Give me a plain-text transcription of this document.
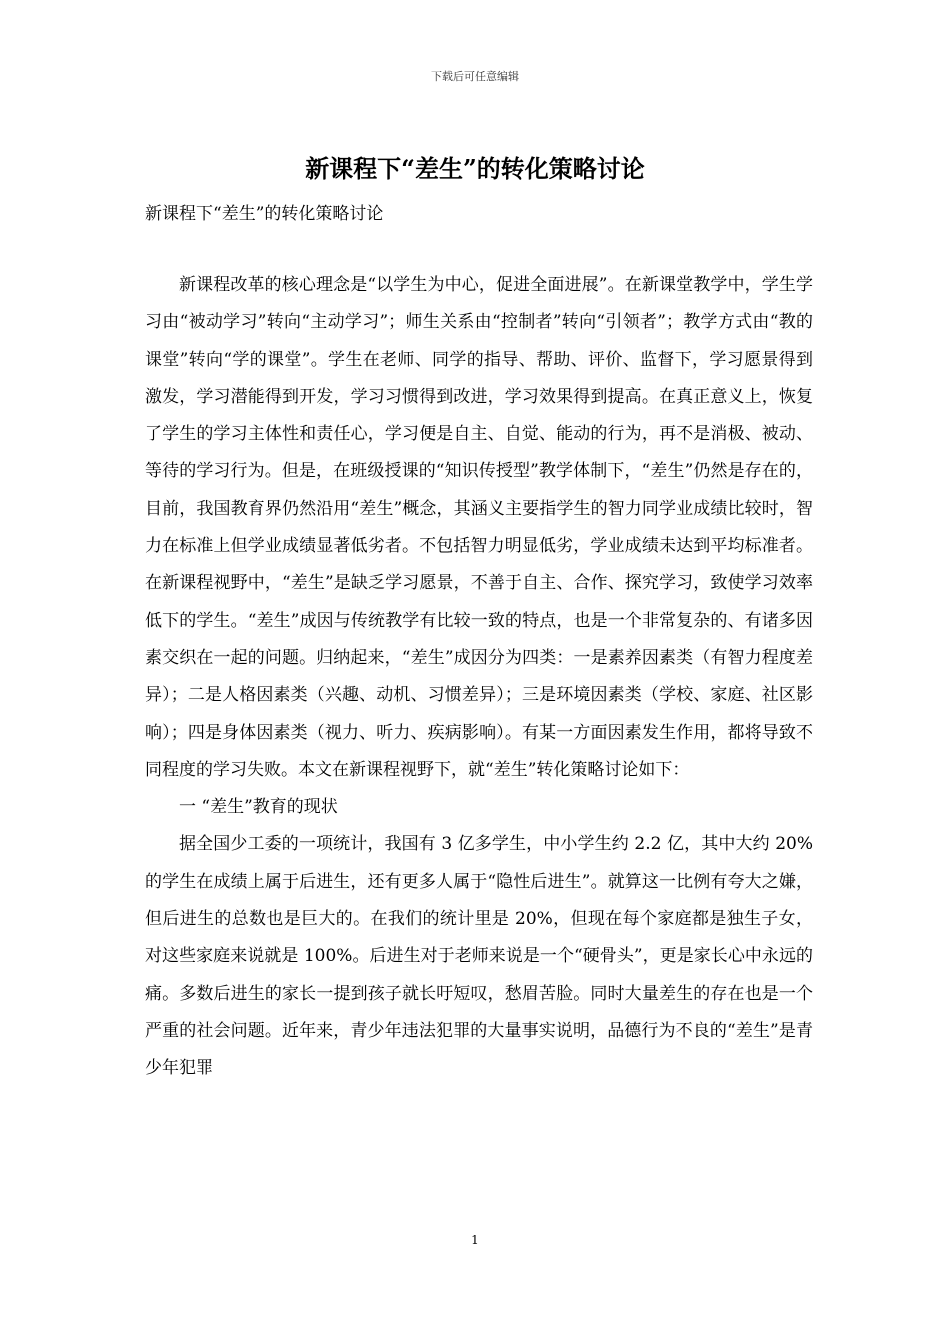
下载后可任意编辑
新课程下“差生”的转化策略讨论

新课程下“差生”的转化策略讨论

新课程改革的核心理念是“以学生为中心，促进全面进展”。在新课堂教学中，学生学习由“被动学习”转向“主动学习”；师生关系由“控制者”转向“引领者”；教学方式由“教的课堂”转向“学的课堂”。学生在老师、同学的指导、帮助、评价、监督下，学习愿景得到激发，学习潜能得到开发，学习习惯得到改进，学习效果得到提高。在真正意义上，恢复了学生的学习主体性和责任心，学习便是自主、自觉、能动的行为，再不是消极、被动、等待的学习行为。但是，在班级授课的“知识传授型”教学体制下，“差生”仍然是存在的，目前，我国教育界仍然沿用“差生”概念，其涵义主要指学生的智力同学业成绩比较时，智力在标准上但学业成绩显著低劣者。不包括智力明显低劣，学业成绩未达到平均标准者。在新课程视野中，“差生”是缺乏学习愿景，不善于自主、合作、探究学习，致使学习效率低下的学生。“差生”成因与传统教学有比较一致的特点，也是一个非常复杂的、有诸多因素交织在一起的问题。归纳起来，“差生”成因分为四类：一是素养因素类（有智力程度差异）；二是人格因素类（兴趣、动机、习惯差异）；三是环境因素类（学校、家庭、社区影响）；四是身体因素类（视力、听力、疾病影响）。有某一方面因素发生作用，都将导致不同程度的学习失败。本文在新课程视野下，就“差生”转化策略讨论如下：

一 “差生”教育的现状

据全国少工委的一项统计，我国有 3 亿多学生，中小学生约 2.2 亿，其中大约 20%的学生在成绩上属于后进生，还有更多人属于“隐性后进生”。就算这一比例有夸大之嫌，但后进生的总数也是巨大的。在我们的统计里是 20%，但现在每个家庭都是独生子女，对这些家庭来说就是 100%。后进生对于老师来说是一个“硬骨头”，更是家长心中永远的痛。多数后进生的家长一提到孩子就长吁短叹，愁眉苦脸。同时大量差生的存在也是一个严重的社会问题。近年来，青少年违法犯罪的大量事实说明，品德行为不良的“差生”是青少年犯罪

1
